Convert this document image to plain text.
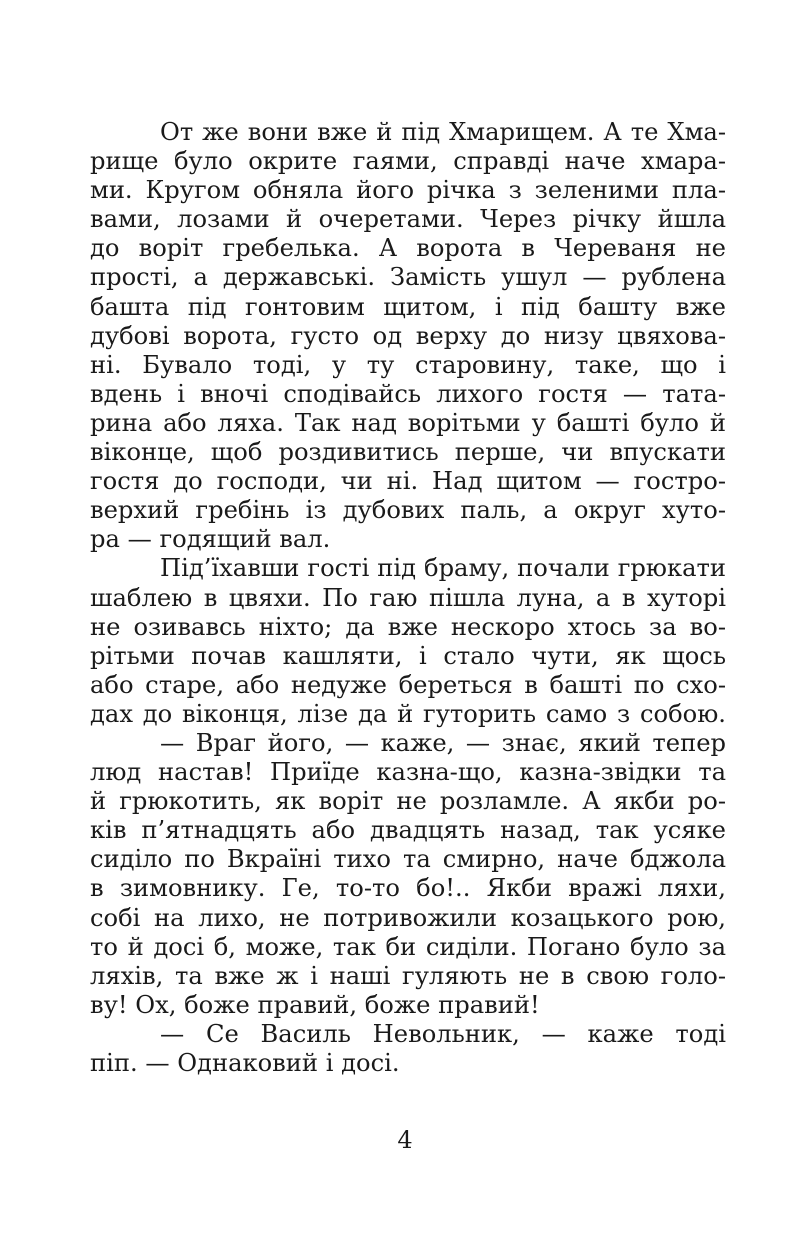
От же вони вже й під Хмарищем. А те Хма-
рище було окрите гаями, справді наче хмара-
ми. Кругом обняла його річка з зеленими пла-
вами, лозами й очеретами. Через річку йшла
до воріт гребелька. А ворота в Череваня не
прості, а державські. Замість ушул — рублена
башта під гонтовим щитом, і під башту вже
дубові ворота, густо од верху до низу цвяхова-
ні. Бувало тоді, у ту старовину, таке, що і
вдень і вночі сподівайсь лихого гостя — тата-
рина або ляха. Так над ворітьми у башті було й
віконце, щоб роздивитись перше, чи впускати
гостя до господи, чи ні. Над щитом — гостро-
верхий гребінь із дубових паль, а округ хуто-
ра — годящий вал.
Під’їхавши гості під браму, почали грюкати
шаблею в цвяхи. По гаю пішла луна, а в хуторі
не озивавсь ніхто; да вже нескоро хтось за во-
рітьми почав кашляти, і стало чути, як щось
або старе, або недуже береться в башті по схо-
дах до віконця, лізе да й гуторить само з собою.
— Враг його, — каже, — знає, який тепер
люд настав! Приїде казна-що, казна-звідки та
й грюкотить, як воріт не розламле. А якби ро-
ків п’ятнадцять або двадцять назад, так усяке
сиділо по Вкраїні тихо та смирно, наче бджола
в зимовнику. Ге, то-то бо!.. Якби вражі ляхи,
собі на лихо, не потривожили козацького рою,
то й досі б, може, так би сиділи. Погано було за
ляхів, та вже ж і наші гуляють не в свою голо-
ву! Ох, боже правий, боже правий!
— Се Василь Невольник, — каже тоді
піп. — Однаковий і досі.
4
